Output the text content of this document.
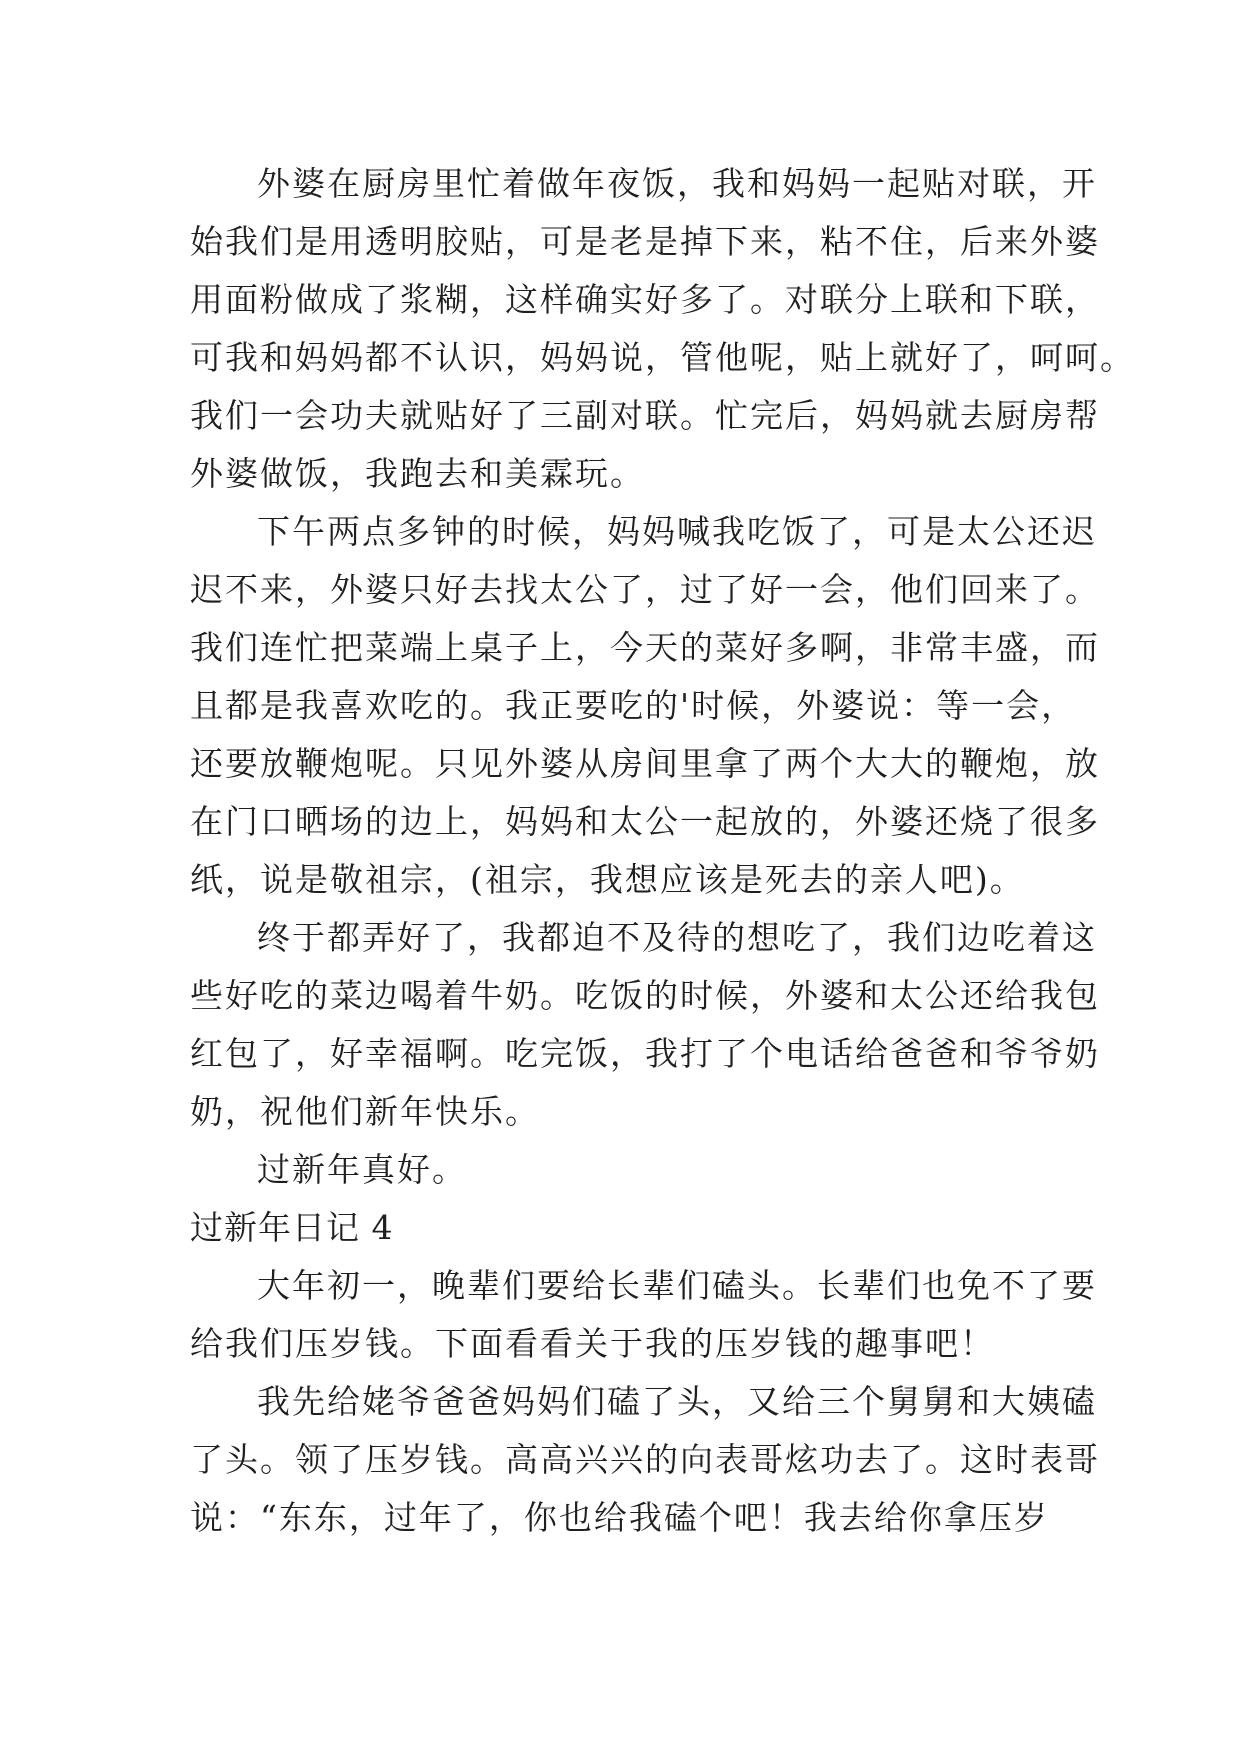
外婆在厨房里忙着做年夜饭，我和妈妈一起贴对联，开
始我们是用透明胶贴，可是老是掉下来，粘不住，后来外婆
用面粉做成了浆糊，这样确实好多了。对联分上联和下联，
可我和妈妈都不认识，妈妈说，管他呢，贴上就好了，呵呵。
我们一会功夫就贴好了三副对联。忙完后，妈妈就去厨房帮
外婆做饭，我跑去和美霖玩。
下午两点多钟的时候，妈妈喊我吃饭了，可是太公还迟
迟不来，外婆只好去找太公了，过了好一会，他们回来了。
我们连忙把菜端上桌子上，今天的菜好多啊，非常丰盛，而
且都是我喜欢吃的。我正要吃的'时候，外婆说：等一会，
还要放鞭炮呢。只见外婆从房间里拿了两个大大的鞭炮，放
在门口晒场的边上，妈妈和太公一起放的，外婆还烧了很多
纸，说是敬祖宗，(祖宗，我想应该是死去的亲人吧)。
终于都弄好了，我都迫不及待的想吃了，我们边吃着这
些好吃的菜边喝着牛奶。吃饭的时候，外婆和太公还给我包
红包了，好幸福啊。吃完饭，我打了个电话给爸爸和爷爷奶
奶，祝他们新年快乐。
过新年真好。
过新年日记 4
大年初一，晚辈们要给长辈们磕头。长辈们也免不了要
给我们压岁钱。下面看看关于我的压岁钱的趣事吧！
我先给姥爷爸爸妈妈们磕了头，又给三个舅舅和大姨磕
了头。领了压岁钱。高高兴兴的向表哥炫功去了。这时表哥
说：“东东，过年了，你也给我磕个吧！我去给你拿压岁
